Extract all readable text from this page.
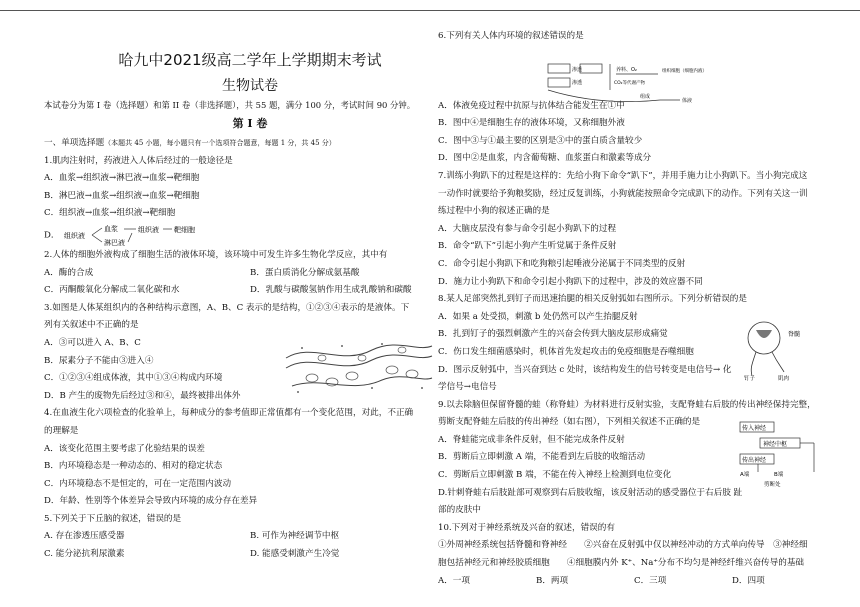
哈九中2021级高二学年上学期期末考试
生物试卷
本试卷分为第 I 卷（选择题）和第 II 卷（非选择题），共 55 题，满分 100 分，考试时间 90 分钟。
第 I 卷
一、单项选择题（本题共 45 小题，每小题只有一个选项符合题意，每题 1 分，共 45 分）
1.肌肉注射时，药液进入人体后经过的一般途径是
A．血浆→组织液→淋巴液→血浆→靶细胞
B．淋巴液→血浆→组织液→血浆→靶细胞
C．组织液→血浆→组织液→靶细胞
D． 组织液
血浆
淋巴液
组织液 靶细胞
2.人体的细胞外液构成了细胞生活的液体环境，该环境中可发生许多生物化学反应，其中有
A．酶的合成	B．蛋白质消化分解成氨基酸
C．丙酮酸氧化分解成二氧化碳和水	D．乳酸与碳酸氢钠作用生成乳酸钠和碳酸
3.如图是人体某组织内的各种结构示意图，A、B、C 表示的是结构，①②③④表示的是液体。下
列有关叙述中不正确的是
A．③可以进入 A、B、C
B．尿素分子不能由③进入④
C．①②③④组成体液，其中①③④构成内环境
D．B 产生的废物先后经过③和④，最终被排出体外
4.在血液生化六项检查的化验单上，每种成分的参考值即正常值都有一个变化范围，对此，不正确
的理解是
A．该变化范围主要考虑了化验结果的误差
B．内环境稳态是一种动态的、相对的稳定状态
C．内环境稳态不是恒定的，可在一定范围内波动
D．年龄、性别等个体差异会导致内环境的成分存在差异
5.下列关于下丘脑的叙述，错误的是
A. 存在渗透压感受器	B. 可作为神经调节中枢
C. 能分泌抗利尿激素	D. 能感受刺激产生冷觉
6.下列有关人体内环境的叙述错误的是
A．体液免疫过程中抗原与抗体结合能发生在①中
B．图中④是细胞生存的液体环境，又称细胞外液
C．图中③与①最主要的区别是③中的蛋白质含量较少
D．图中②是血浆，内含葡萄糖、血浆蛋白和激素等成分
7.训练小狗趴下的过程是这样的：先给小狗下命令“趴下”，并用手施力让小狗趴下。当小狗完成这
一动作时就要给予狗粮奖励，经过反复训练，小狗就能按照命令完成趴下的动作。下列有关这一训
练过程中小狗的叙述正确的是
A．大脑皮层没有参与命令引起小狗趴下的过程
B．命令“趴下”引起小狗产生听觉属于条件反射
C．命令引起小狗趴下和吃狗粮引起唾液分泌属于不同类型的反射
D．施力让小狗趴下和命令引起小狗趴下的过程中，涉及的效应器不同
8.某人足部突然扎到钉子而迅速抬腿的相关反射弧如右图所示。下列分析错误的是
A．如果 a 处受损，刺激 b 处仍然可以产生抬腿反射
B．扎到钉子的强烈刺激产生的兴奋会传到大脑皮层形成痛觉
C．伤口发生细菌感染时，机体首先发起攻击的免疫细胞是吞噬细胞
D．图示反射弧中，当兴奋到达 c 处时，该结构发生的信号转变是电信号→ 化
学信号→电信号
9.以去除脑但保留脊髓的蛙（称脊蛙）为材料进行反射实验，支配脊蛙右后肢的传出神经保持完整，
剪断支配脊蛙左后肢的传出神经（如右图），下列相关叙述不正确的是
A．脊蛙能完成非条件反射，但不能完成条件反射
B．剪断后立即刺激 A 端，不能看到左后肢的收缩活动
C．剪断后立即刺激 B 端，不能在传入神经上检测到电位变化
D.针刺脊蛙右后肢趾部可观察到右后肢收缩，该反射活动的感受器位于右后肢 趾
部的皮肤中
10.下列对于神经系统及兴奋的叙述，错误的有
①外周神经系统包括脊髓和脊神经　　②兴奋在反射弧中仅以神经冲动的方式单向传导　③神经细
胞包括神经元和神经胶质细胞　　④细胞膜内外 K⁺、Na⁺分布不均匀是神经纤维兴奋传导的基础
A．一项	B．两项	C．三项	D．四项
渗透
渗透
养料、O₂
CO₂等代谢产物
组织细胞（细胞内液）
组成
体液
脊髓
钉子	肌肉
传入神经
神经中枢
传出神经
A端	B端
剪断处
